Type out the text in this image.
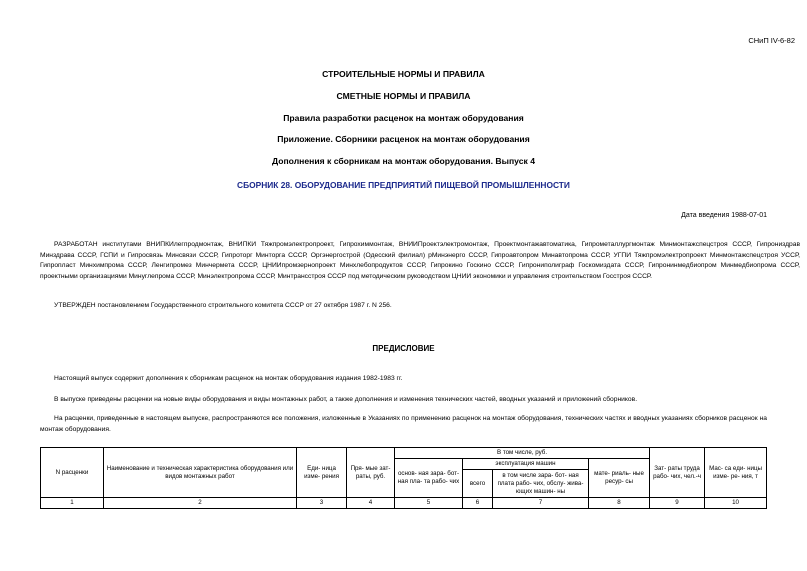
СНиП IV-6-82
СТРОИТЕЛЬНЫЕ НОРМЫ И ПРАВИЛА
СМЕТНЫЕ НОРМЫ И ПРАВИЛА
Правила разработки расценок на монтаж оборудования
Приложение. Сборники расценок на монтаж оборудования
Дополнения к сборникам на монтаж оборудования. Выпуск 4
СБОРНИК 28. ОБОРУДОВАНИЕ ПРЕДПРИЯТИЙ ПИЩЕВОЙ ПРОМЫШЛЕННОСТИ
Дата введения 1988-07-01
РАЗРАБОТАН институтами ВНИПКИлегпродмонтаж, ВНИПКИ Тяжпромэлектропроект, Гипрохиммонтаж, ВНИИПроектэлектромонтаж, Проектмонтажавтоматика, Гипрометаллургмонтаж Минмонтажспецстроя СССР, Гипрониздрав Минздрава СССР, ГСПИ и Гипросвязь Минсвязи СССР, Гипроторг Минторга СССР, Оргэнергострой (Одесский филиал) рМинэнерго СССР, Гипроавтопром Минавтопрома СССР, УГПИ Тяжпромэлектропроект Минмонтажспецстроя УССР, Гипропласт Минхимпрома СССР, Ленгипромез Минчермета СССР, ЦНИИпромзернопроект Минхлебопродуктов СССР, Гипрокино Госкино СССР, Гипрониполиграф Госкомиздата СССР, Гипронинмедбиопром Минмедбиопрома СССР, проектными организациями Минуглепрома СССР, Минэлектропрома СССР, Минтрансстроя СССР под методическим руководством ЦНИИ экономики и управления строительством Госстроя СССР.
УТВЕРЖДЕН постановлением Государственного строительного комитета СССР от 27 октября 1987 г. N 256.
ПРЕДИСЛОВИЕ
Настоящий выпуск содержит дополнения к сборникам расценок на монтаж оборудования издания 1982-1983 гг.
В выпуске приведены расценки на новые виды оборудования и виды монтажных работ, а также дополнения и изменения технических частей, вводных указаний и приложений сборников.
На расценки, приведенные в настоящем выпуске, распространяются все положения, изложенные в Указаниях по применению расценок на монтаж оборудования, технических частях и вводных указаниях сборников расценок на монтаж оборудования.
N расценки	Наименование и техническая характеристика оборудования или видов монтажных работ	Еди- ница изме- рения	Пря- мые зат- раты, руб.	В том числе, руб.				Зат- раты труда рабо- чих, чел.-ч	Мас- са еди- ницы изме- ре- ния, т
				основ- ная зара- бот- ная пла- та рабо- чих	эксплуатация машин		мате- риаль- ные ресур- сы		
					всего	в том числе зара- бот- ная плата рабо- чих, обслу- жива- ющих машин- ны			
1	2	3	4	5	6	7	8	9	10
